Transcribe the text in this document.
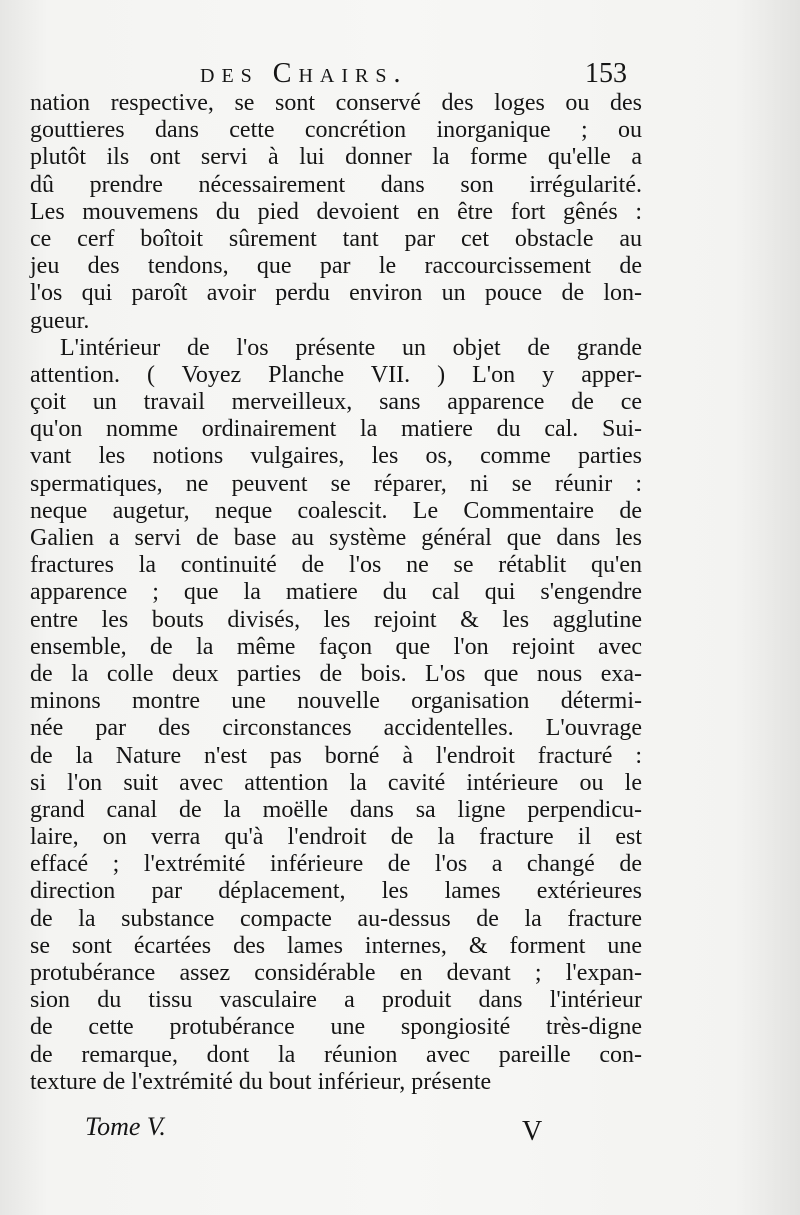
des Chairs.	153
nation respective, se sont conservé des loges ou des
gouttieres dans cette concrétion inorganique ; ou
plutôt ils ont servi à lui donner la forme qu'elle a
dû prendre nécessairement dans son irrégularité.
Les mouvemens du pied devoient en être fort gênés :
ce cerf boîtoit sûrement tant par cet obstacle au
jeu des tendons, que par le raccourcissement de
l'os qui paroît avoir perdu environ un pouce de lon-
gueur.
L'intérieur de l'os présente un objet de grande
attention. ( Voyez Planche VII. ) L'on y apper-
çoit un travail merveilleux, sans apparence de ce
qu'on nomme ordinairement la matiere du cal. Sui-
vant les notions vulgaires, les os, comme parties
spermatiques, ne peuvent se réparer, ni se réunir :
neque augetur, neque coalescit. Le Commentaire de
Galien a servi de base au système général que dans les
fractures la continuité de l'os ne se rétablit qu'en
apparence ; que la matiere du cal qui s'engendre
entre les bouts divisés, les rejoint & les agglutine
ensemble, de la même façon que l'on rejoint avec
de la colle deux parties de bois. L'os que nous exa-
minons montre une nouvelle organisation détermi-
née par des circonstances accidentelles. L'ouvrage
de la Nature n'est pas borné à l'endroit fracturé :
si l'on suit avec attention la cavité intérieure ou le
grand canal de la moëlle dans sa ligne perpendicu-
laire, on verra qu'à l'endroit de la fracture il est
effacé ; l'extrémité inférieure de l'os a changé de
direction par déplacement, les lames extérieures
de la substance compacte au-dessus de la fracture
se sont écartées des lames internes, & forment une
protubérance assez considérable en devant ; l'expan-
sion du tissu vasculaire a produit dans l'intérieur
de cette protubérance une spongiosité très-digne
de remarque, dont la réunion avec pareille con-
texture de l'extrémité du bout inférieur, présente
Tome V.	V
